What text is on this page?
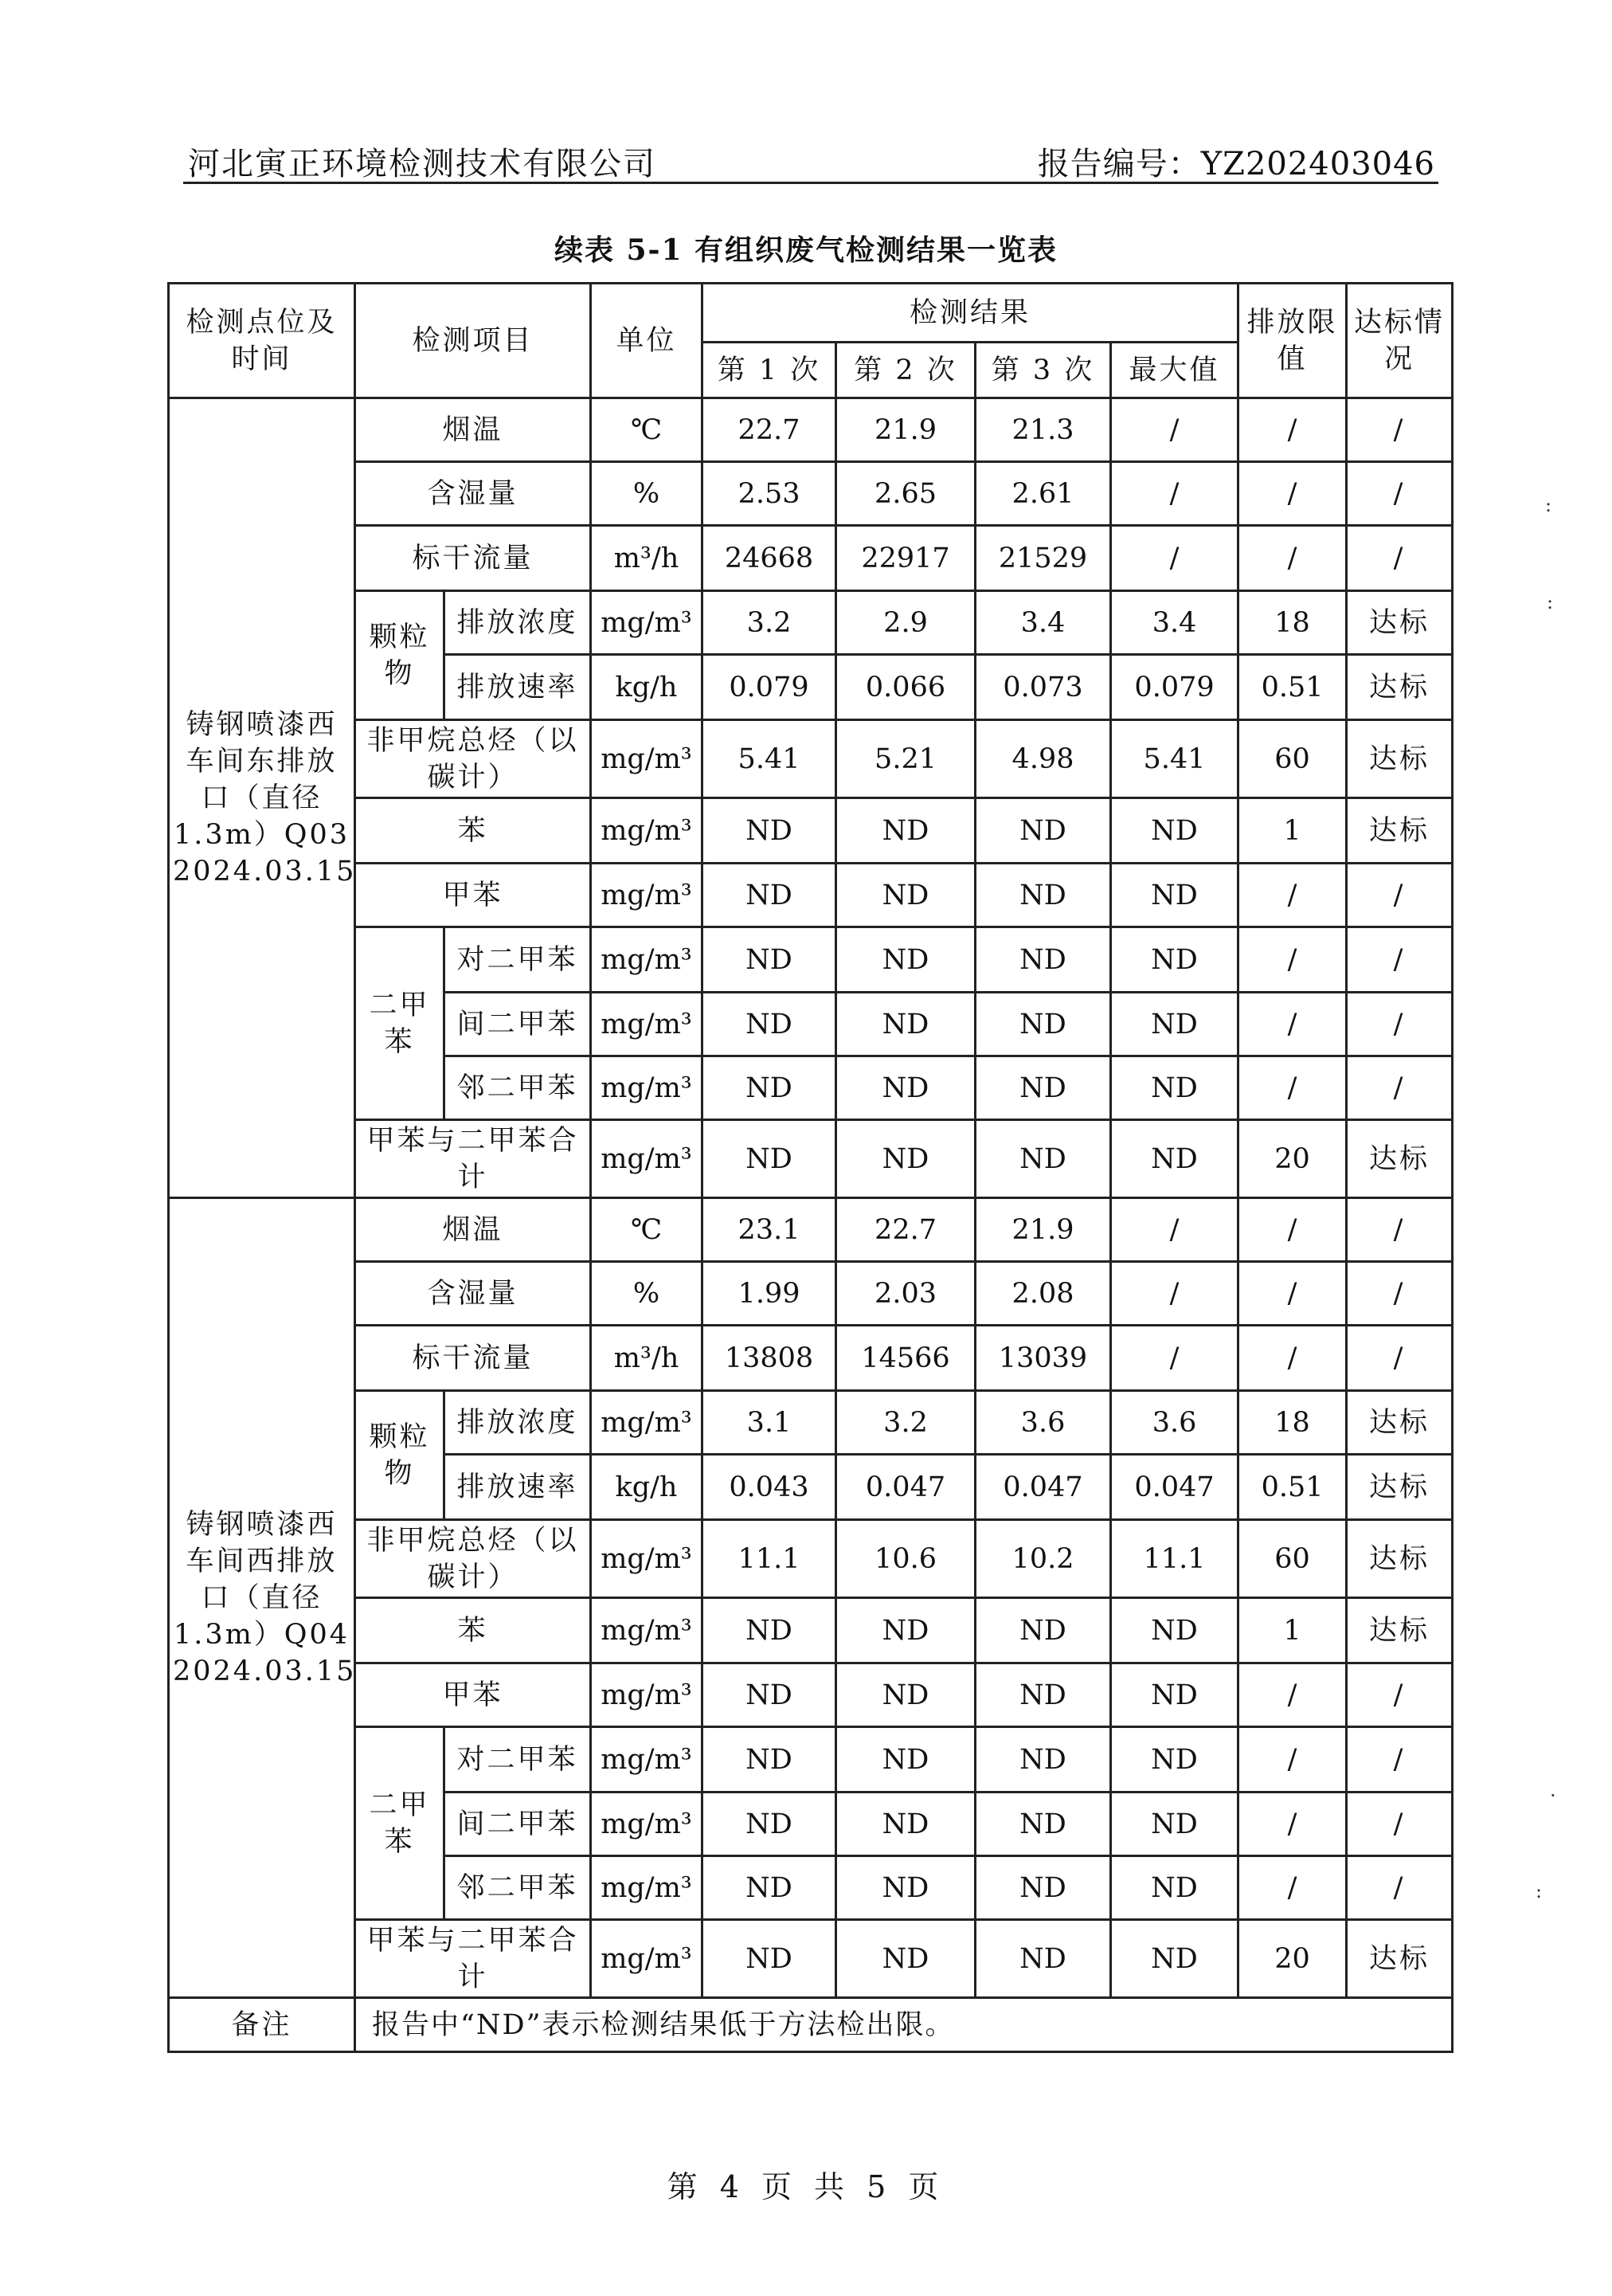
河北寅正环境检测技术有限公司	报告编号：YZ202403046
续表 5-1 有组织废气检测结果一览表
检测点位及时间	检测项目		单位	检测结果				排放限值	达标情况
				第 1 次	第 2 次	第 3 次	最大值		
铸钢喷漆西车间东排放口（直径1.3m）Q03 2024.03.15	烟温		℃	22.7	21.9	21.3	/	/	/
	含湿量		%	2.53	2.65	2.61	/	/	/
	标干流量		m³/h	24668	22917	21529	/	/	/
	颗粒物	排放浓度	mg/m³	3.2	2.9	3.4	3.4	18	达标
		排放速率	kg/h	0.079	0.066	0.073	0.079	0.51	达标
	非甲烷总烃（以碳计）		mg/m³	5.41	5.21	4.98	5.41	60	达标
	苯		mg/m³	ND	ND	ND	ND	1	达标
	甲苯		mg/m³	ND	ND	ND	ND	/	/
	二甲苯	对二甲苯	mg/m³	ND	ND	ND	ND	/	/
		间二甲苯	mg/m³	ND	ND	ND	ND	/	/
		邻二甲苯	mg/m³	ND	ND	ND	ND	/	/
	甲苯与二甲苯合计		mg/m³	ND	ND	ND	ND	20	达标
铸钢喷漆西车间西排放口（直径1.3m）Q04 2024.03.15	烟温		℃	23.1	22.7	21.9	/	/	/
	含湿量		%	1.99	2.03	2.08	/	/	/
	标干流量		m³/h	13808	14566	13039	/	/	/
	颗粒物	排放浓度	mg/m³	3.1	3.2	3.6	3.6	18	达标
		排放速率	kg/h	0.043	0.047	0.047	0.047	0.51	达标
	非甲烷总烃（以碳计）		mg/m³	11.1	10.6	10.2	11.1	60	达标
	苯		mg/m³	ND	ND	ND	ND	1	达标
	甲苯		mg/m³	ND	ND	ND	ND	/	/
	二甲苯	对二甲苯	mg/m³	ND	ND	ND	ND	/	/
		间二甲苯	mg/m³	ND	ND	ND	ND	/	/
		邻二甲苯	mg/m³	ND	ND	ND	ND	/	/
	甲苯与二甲苯合计		mg/m³	ND	ND	ND	ND	20	达标
备注	报告中“ND”表示检测结果低于方法检出限。								
第 4 页 共 5 页
:
:
·
:
